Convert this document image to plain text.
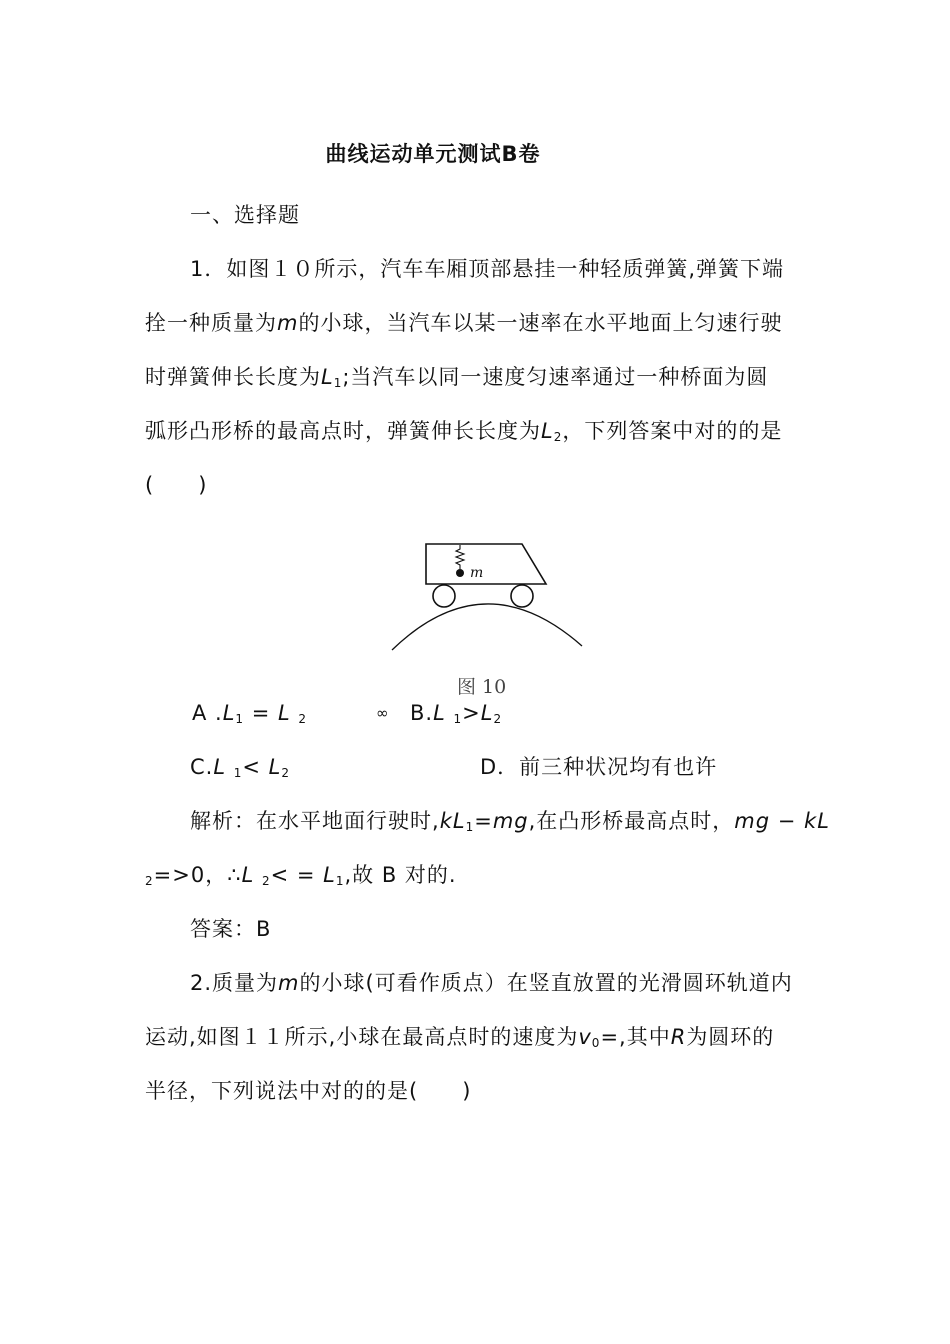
曲线运动单元测试B卷
一、选择题
1．如图１０所示，汽车车厢顶部悬挂一种轻质弹簧,弹簧下端
拴一种质量为m的小球，当汽车以某一速率在水平地面上匀速行驶
时弹簧伸长长度为$L_1$;当汽车以同一速度匀速率通过一种桥面为圆
弧形凸形桥的最高点时，弹簧伸长长度为$L_2$，下列答案中对的的是
(　　)
m
图 10
A $.L_1 = L$ $_2$	∞ B.L $_1>L_2$
C.L $_1< L_2$	D．前三种状况均有也许
解析：在水平地面行驶时$,kL_1=mg$,在凸形桥最高点时，mg − kL
$_2$=>0，∴L $_2< = L_1$,故 B 对的.
答案：B
2.质量为m的小球(可看作质点）在竖直放置的光滑圆环轨道内
运动,如图１１所示,小球在最高点时的速度为$v_0=$,其中R为圆环的
半径，下列说法中对的的是(　　)
